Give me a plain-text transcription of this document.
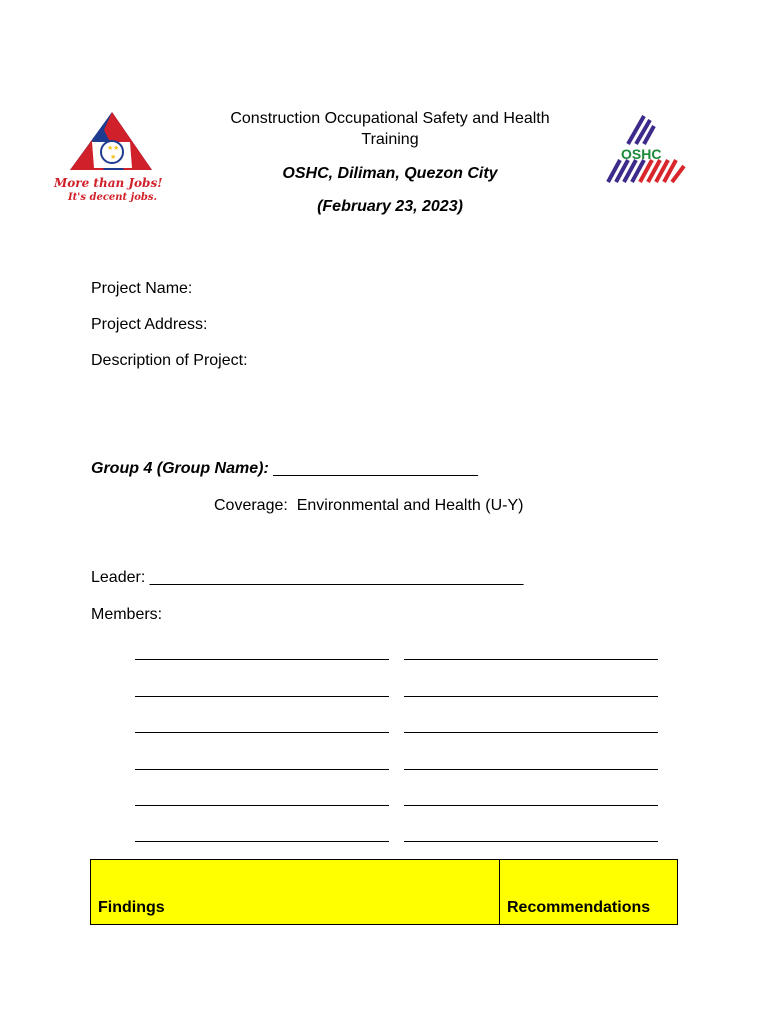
★ ★
★
More than Jobs!
It's decent jobs.
OSHC

Construction Occupational Safety and Health

Training

OSHC, Diliman, Quezon City
(February 23, 2023)
Project Name:
Project Address:
Description of Project:
Group 4 (Group Name): _______________________
Coverage:  Environmental and Health (U-Y)
Leader: __________________________________________
Members:
Findings	Recommendations
